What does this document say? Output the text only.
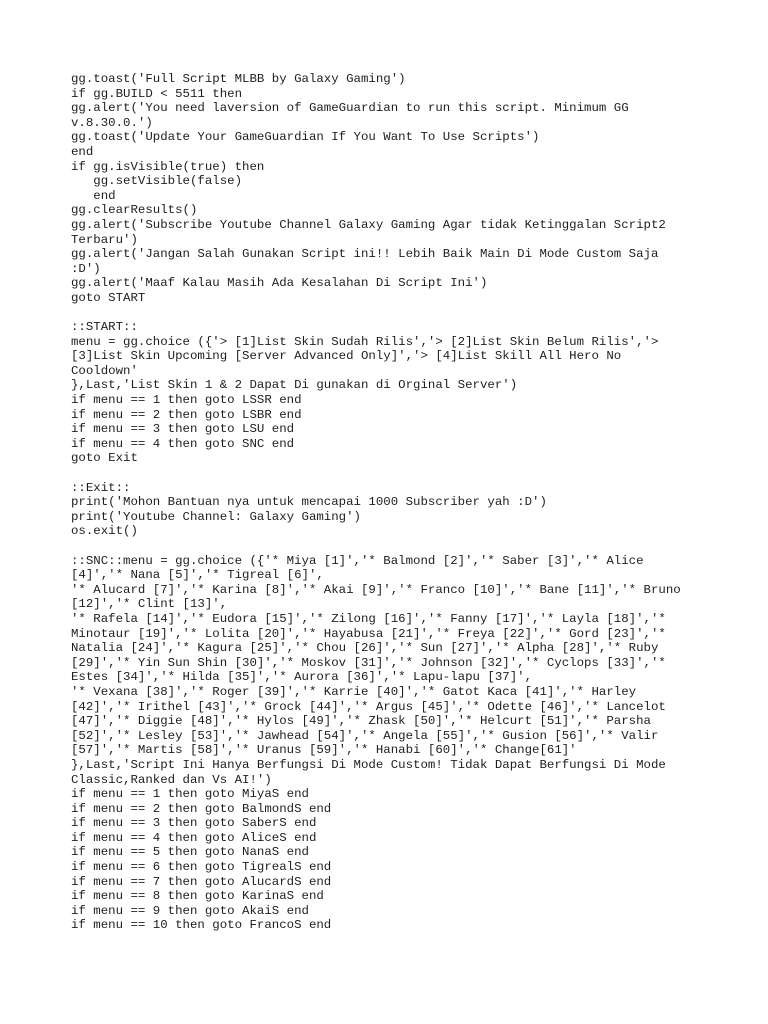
gg.toast('Full Script MLBB by Galaxy Gaming')
if gg.BUILD < 5511 then
gg.alert('You need laversion of GameGuardian to run this script. Minimum GG
v.8.30.0.')
gg.toast('Update Your GameGuardian If You Want To Use Scripts')
end
if gg.isVisible(true) then
gg.setVisible(false)
end
gg.clearResults()
gg.alert('Subscribe Youtube Channel Galaxy Gaming Agar tidak Ketinggalan Script2
Terbaru')
gg.alert('Jangan Salah Gunakan Script ini!! Lebih Baik Main Di Mode Custom Saja
:D')
gg.alert('Maaf Kalau Masih Ada Kesalahan Di Script Ini')
goto START
::START::
menu = gg.choice ({'> [1]List Skin Sudah Rilis','> [2]List Skin Belum Rilis','>
[3]List Skin Upcoming [Server Advanced Only]','> [4]List Skill All Hero No
Cooldown'
},Last,'List Skin 1 & 2 Dapat Di gunakan di Orginal Server')
if menu == 1 then goto LSSR end
if menu == 2 then goto LSBR end
if menu == 3 then goto LSU end
if menu == 4 then goto SNC end
goto Exit
::Exit::
print('Mohon Bantuan nya untuk mencapai 1000 Subscriber yah :D')
print('Youtube Channel: Galaxy Gaming')
os.exit()
::SNC::menu = gg.choice ({'* Miya [1]','* Balmond [2]','* Saber [3]','* Alice
[4]','* Nana [5]','* Tigreal [6]',
'* Alucard [7]','* Karina [8]','* Akai [9]','* Franco [10]','* Bane [11]','* Bruno
[12]','* Clint [13]',
'* Rafela [14]','* Eudora [15]','* Zilong [16]','* Fanny [17]','* Layla [18]','*
Minotaur [19]','* Lolita [20]','* Hayabusa [21]','* Freya [22]','* Gord [23]','*
Natalia [24]','* Kagura [25]','* Chou [26]','* Sun [27]','* Alpha [28]','* Ruby
[29]','* Yin Sun Shin [30]','* Moskov [31]','* Johnson [32]','* Cyclops [33]','*
Estes [34]','* Hilda [35]','* Aurora [36]','* Lapu-lapu [37]',
'* Vexana [38]','* Roger [39]','* Karrie [40]','* Gatot Kaca [41]','* Harley
[42]','* Irithel [43]','* Grock [44]','* Argus [45]','* Odette [46]','* Lancelot
[47]','* Diggie [48]','* Hylos [49]','* Zhask [50]','* Helcurt [51]','* Parsha
[52]','* Lesley [53]','* Jawhead [54]','* Angela [55]','* Gusion [56]','* Valir
[57]','* Martis [58]','* Uranus [59]','* Hanabi [60]','* Change[61]'
},Last,'Script Ini Hanya Berfungsi Di Mode Custom! Tidak Dapat Berfungsi Di Mode
Classic,Ranked dan Vs AI!')
if menu == 1 then goto MiyaS end
if menu == 2 then goto BalmondS end
if menu == 3 then goto SaberS end
if menu == 4 then goto AliceS end
if menu == 5 then goto NanaS end
if menu == 6 then goto TigrealS end
if menu == 7 then goto AlucardS end
if menu == 8 then goto KarinaS end
if menu == 9 then goto AkaiS end
if menu == 10 then goto FrancoS end
